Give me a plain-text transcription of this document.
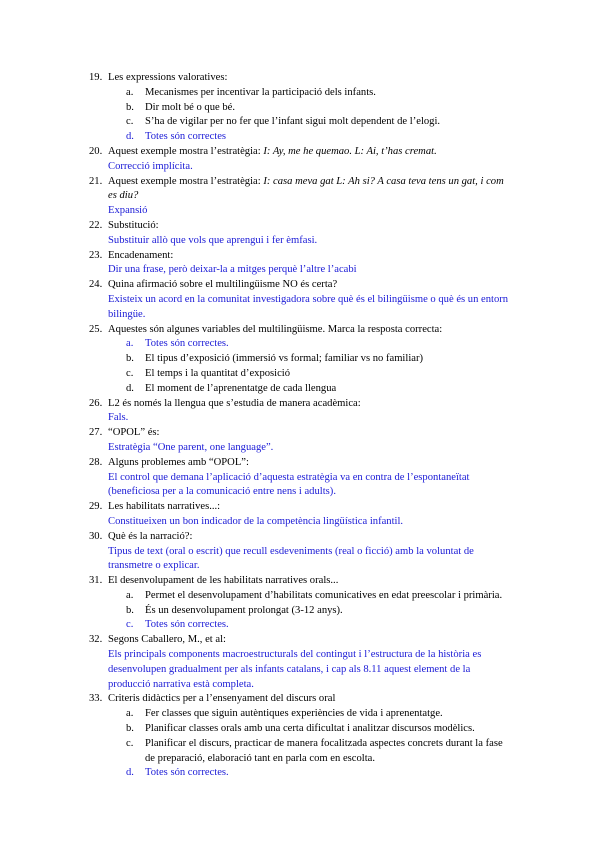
19. Les expressions valoratives:
a. Mecanismes per incentivar la participació dels infants.
b. Dir molt bé o que bé.
c. S’ha de vigilar per no fer que l’infant sigui molt dependent de l’elogi.
d. Totes són correctes
20. Aquest exemple mostra l’estratègia: I: Ay, me he quemao. L: Ai, t’has cremat.
Correcció implícita.
21. Aquest exemple mostra l’estratègia: I: casa meva gat L: Ah si? A casa teva tens un gat, i com es diu?
Expansió
22. Substitució:
Substituir allò que vols que aprengui i fer èmfasi.
23. Encadenament:
Dir una frase, però deixar-la a mitges perquè l’altre l’acabi
24. Quina afirmació sobre el multilingüisme NO és certa?
Existeix un acord en la comunitat investigadora sobre què és el bilingüisme o què és un entorn bilingüe.
25. Aquestes són algunes variables del multilingüisme. Marca la resposta correcta:
a. Totes són correctes.
b. El tipus d’exposició (immersió vs formal; familiar vs no familiar)
c. El temps i la quantitat d’exposició
d. El moment de l’aprenentatge de cada llengua
26. L2 és només la llengua que s’estudia de manera acadèmica:
Fals.
27. “OPOL” és:
Estratègia “One parent, one language”.
28. Alguns problemes amb “OPOL”:
El control que demana l’aplicació d’aquesta estratègia va en contra de l’espontaneïtat (beneficiosa per a la comunicació entre nens i adults).
29. Les habilitats narratives...:
Constitueixen un bon indicador de la competència lingüística infantil.
30. Què és la narració?:
Tipus de text (oral o escrit) que recull esdeveniments (real o ficció) amb la voluntat de transmetre o explicar.
31. El desenvolupament de les habilitats narratives orals...
a. Permet el desenvolupament d’habilitats comunicatives en edat preescolar i primària.
b. És un desenvolupament prolongat (3-12 anys).
c. Totes són correctes.
32. Segons Caballero, M., et al:
Els principals components macroestructurals del contingut i l’estructura de la història es desenvolupen gradualment per als infants catalans, i cap als 8.11 aquest element de la producció narrativa està completa.
33. Criteris didàctics per a l’ensenyament del discurs oral
a. Fer classes que siguin autèntiques experiències de vida i aprenentatge.
b. Planificar classes orals amb una certa dificultat i analitzar discursos modèlics.
c. Planificar el discurs, practicar de manera focalitzada aspectes concrets durant la fase de preparació, elaboració tant en parla com en escolta.
d. Totes són correctes.
